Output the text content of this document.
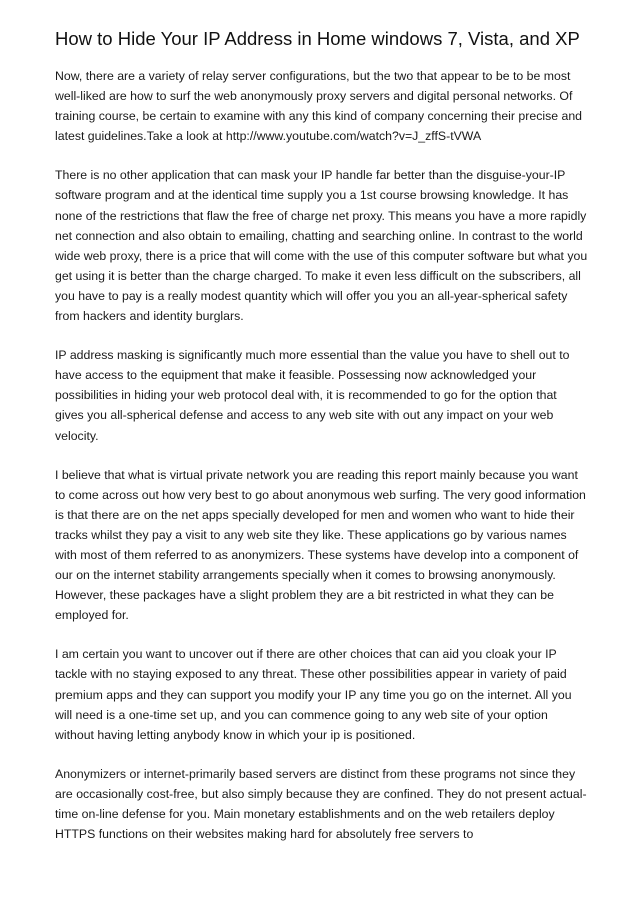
How to Hide Your IP Address in Home windows 7, Vista, and XP

Now, there are a variety of relay server configurations, but the two that appear to be to be most well-liked are how to surf the web anonymously proxy servers and digital personal networks. Of training course, be certain to examine with any this kind of company concerning their precise and latest guidelines.Take a look at http://www.youtube.com/watch?v=J_zffS-tVWA

There is no other application that can mask your IP handle far better than the disguise-your-IP software program and at the identical time supply you a 1st course browsing knowledge. It has none of the restrictions that flaw the free of charge net proxy. This means you have a more rapidly net connection and also obtain to emailing, chatting and searching online. In contrast to the world wide web proxy, there is a price that will come with the use of this computer software but what you get using it is better than the charge charged. To make it even less difficult on the subscribers, all you have to pay is a really modest quantity which will offer you you an all-year-spherical safety from hackers and identity burglars.

IP address masking is significantly much more essential than the value you have to shell out to have access to the equipment that make it feasible. Possessing now acknowledged your possibilities in hiding your web protocol deal with, it is recommended to go for the option that gives you all-spherical defense and access to any web site with out any impact on your web velocity.

I believe that what is virtual private network you are reading this report mainly because you want to come across out how very best to go about anonymous web surfing. The very good information is that there are on the net apps specially developed for men and women who want to hide their tracks whilst they pay a visit to any web site they like. These applications go by various names with most of them referred to as anonymizers. These systems have develop into a component of our on the internet stability arrangements specially when it comes to browsing anonymously. However, these packages have a slight problem they are a bit restricted in what they can be employed for.

I am certain you want to uncover out if there are other choices that can aid you cloak your IP tackle with no staying exposed to any threat. These other possibilities appear in variety of paid premium apps and they can support you modify your IP any time you go on the internet. All you will need is a one-time set up, and you can commence going to any web site of your option without having letting anybody know in which your ip is positioned.

Anonymizers or internet-primarily based servers are distinct from these programs not since they are occasionally cost-free, but also simply because they are confined. They do not present actual-time on-line defense for you. Main monetary establishments and on the web retailers deploy HTTPS functions on their websites making hard for absolutely free servers to
